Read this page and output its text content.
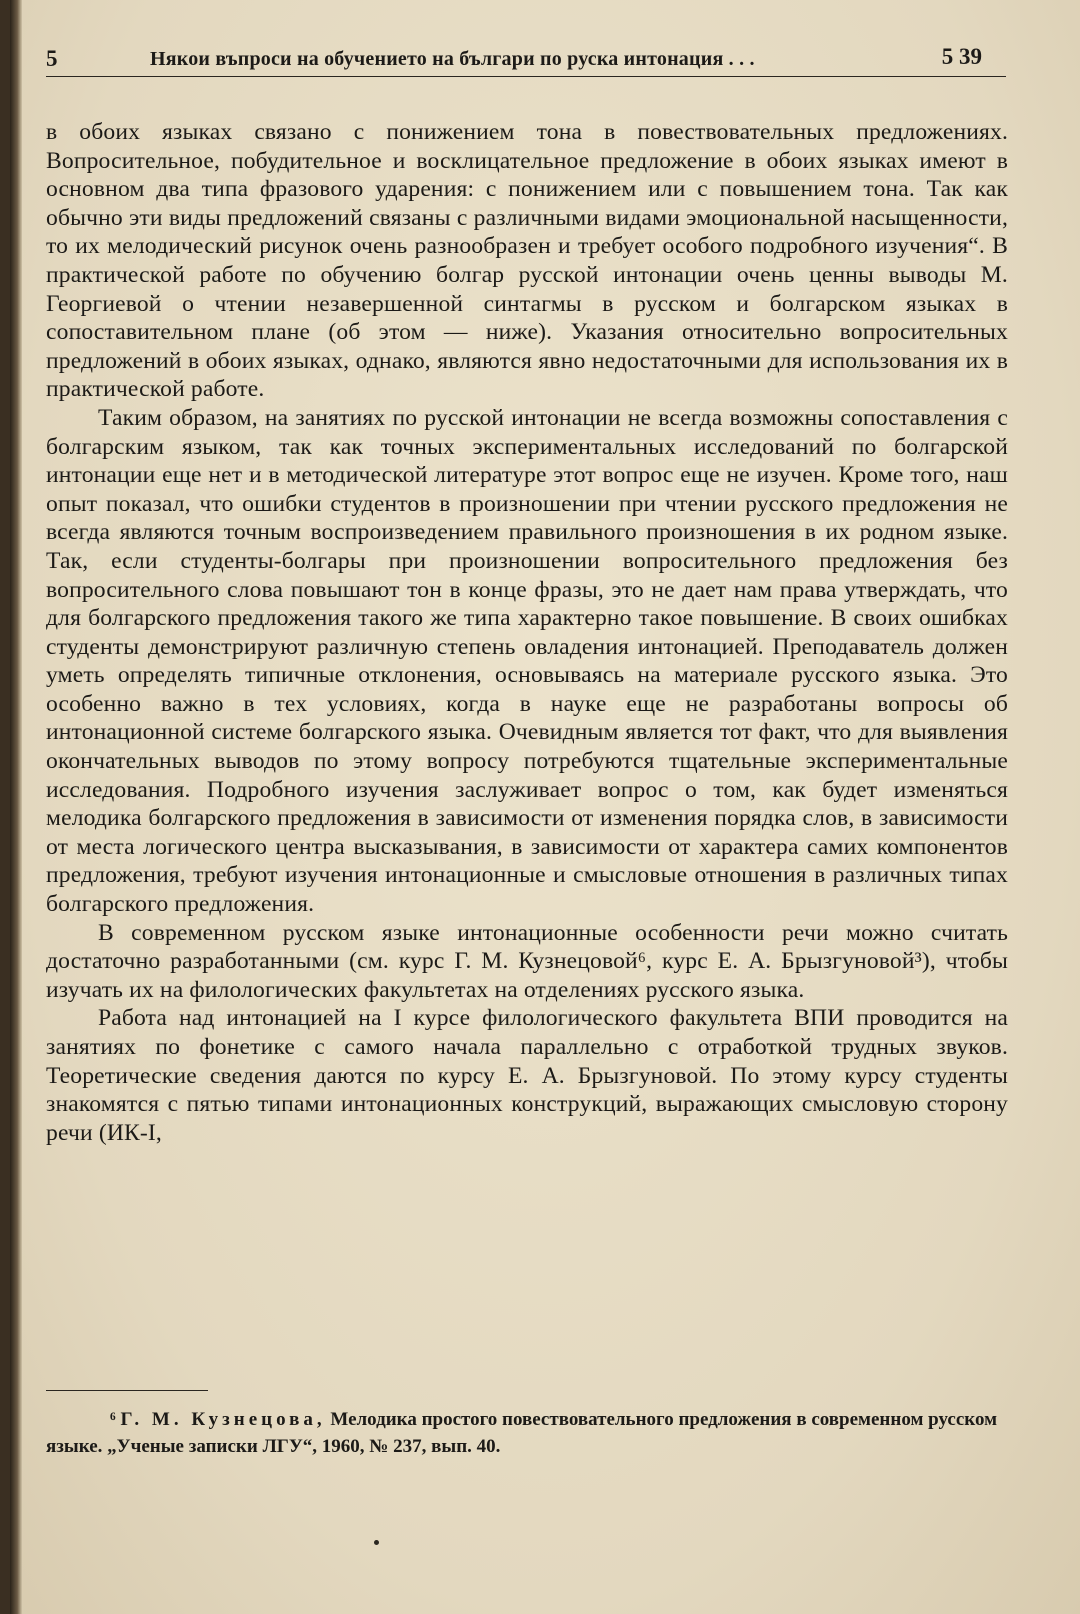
5	Някои въпроси на обучението на българи по руска интонация . . .	5 39

в обоих языках связано с понижением тона в повествовательных предложениях. Вопросительное, побудительное и восклицательное предложение в обоих языках имеют в основном два типа фразового ударения: с понижением или с повышением тона. Так как обычно эти виды предложений связаны с различными видами эмоциональной насыщенности, то их мелодический рисунок очень разнообразен и требует особого подробного изучения“. В практической работе по обучению болгар русской интонации очень ценны выводы М. Георгиевой о чтении незавершенной синтагмы в русском и болгарском языках в сопоставительном плане (об этом — ниже). Указания относительно вопросительных предложений в обоих языках, однако, являются явно недостаточными для использования их в практической работе.

Таким образом, на занятиях по русской интонации не всегда возможны сопоставления с болгарским языком, так как точных экспериментальных исследований по болгарской интонации еще нет и в методической литературе этот вопрос еще не изучен. Кроме того, наш опыт показал, что ошибки студентов в произношении при чтении русского предложения не всегда являются точным воспроизведением правильного произношения в их родном языке. Так, если студенты-болгары при произношении вопросительного предложения без вопросительного слова повышают тон в конце фразы, это не дает нам права утверждать, что для болгарского предложения такого же типа характерно такое повышение. В своих ошибках студенты демонстрируют различную степень овладения интонацией. Преподаватель должен уметь определять типичные отклонения, основываясь на материале русского языка. Это особенно важно в тех условиях, когда в науке еще не разработаны вопросы об интонационной системе болгарского языка. Очевидным является тот факт, что для выявления окончательных выводов по этому вопросу потребуются тщательные экспериментальные исследования. Подробного изучения заслуживает вопрос о том, как будет изменяться мелодика болгарского предложения в зависимости от изменения порядка слов, в зависимости от места логического центра высказывания, в зависимости от характера самих компонентов предложения, требуют изучения интонационные и смысловые отношения в различных типах болгарского предложения.

В современном русском языке интонационные особенности речи можно считать достаточно разработанными (см. курс Г. М. Кузнецовой⁶, курс Е. А. Брызгуновой³), чтобы изучать их на филологических факультетах на отделениях русского языка.

Работа над интонацией на I курсе филологического факультета ВПИ проводится на занятиях по фонетике с самого начала параллельно с отработкой трудных звуков. Теоретические сведения даются по курсу Е. А. Брызгуновой. По этому курсу студенты знакомятся с пятью типами интонационных конструкций, выражающих смысловую сторону речи (ИК-I,

⁶ Г. М. Кузнецова, Мелодика простого повествовательного предложения в современном русском языке. „Ученые записки ЛГУ“, 1960, № 237, вып. 40.
